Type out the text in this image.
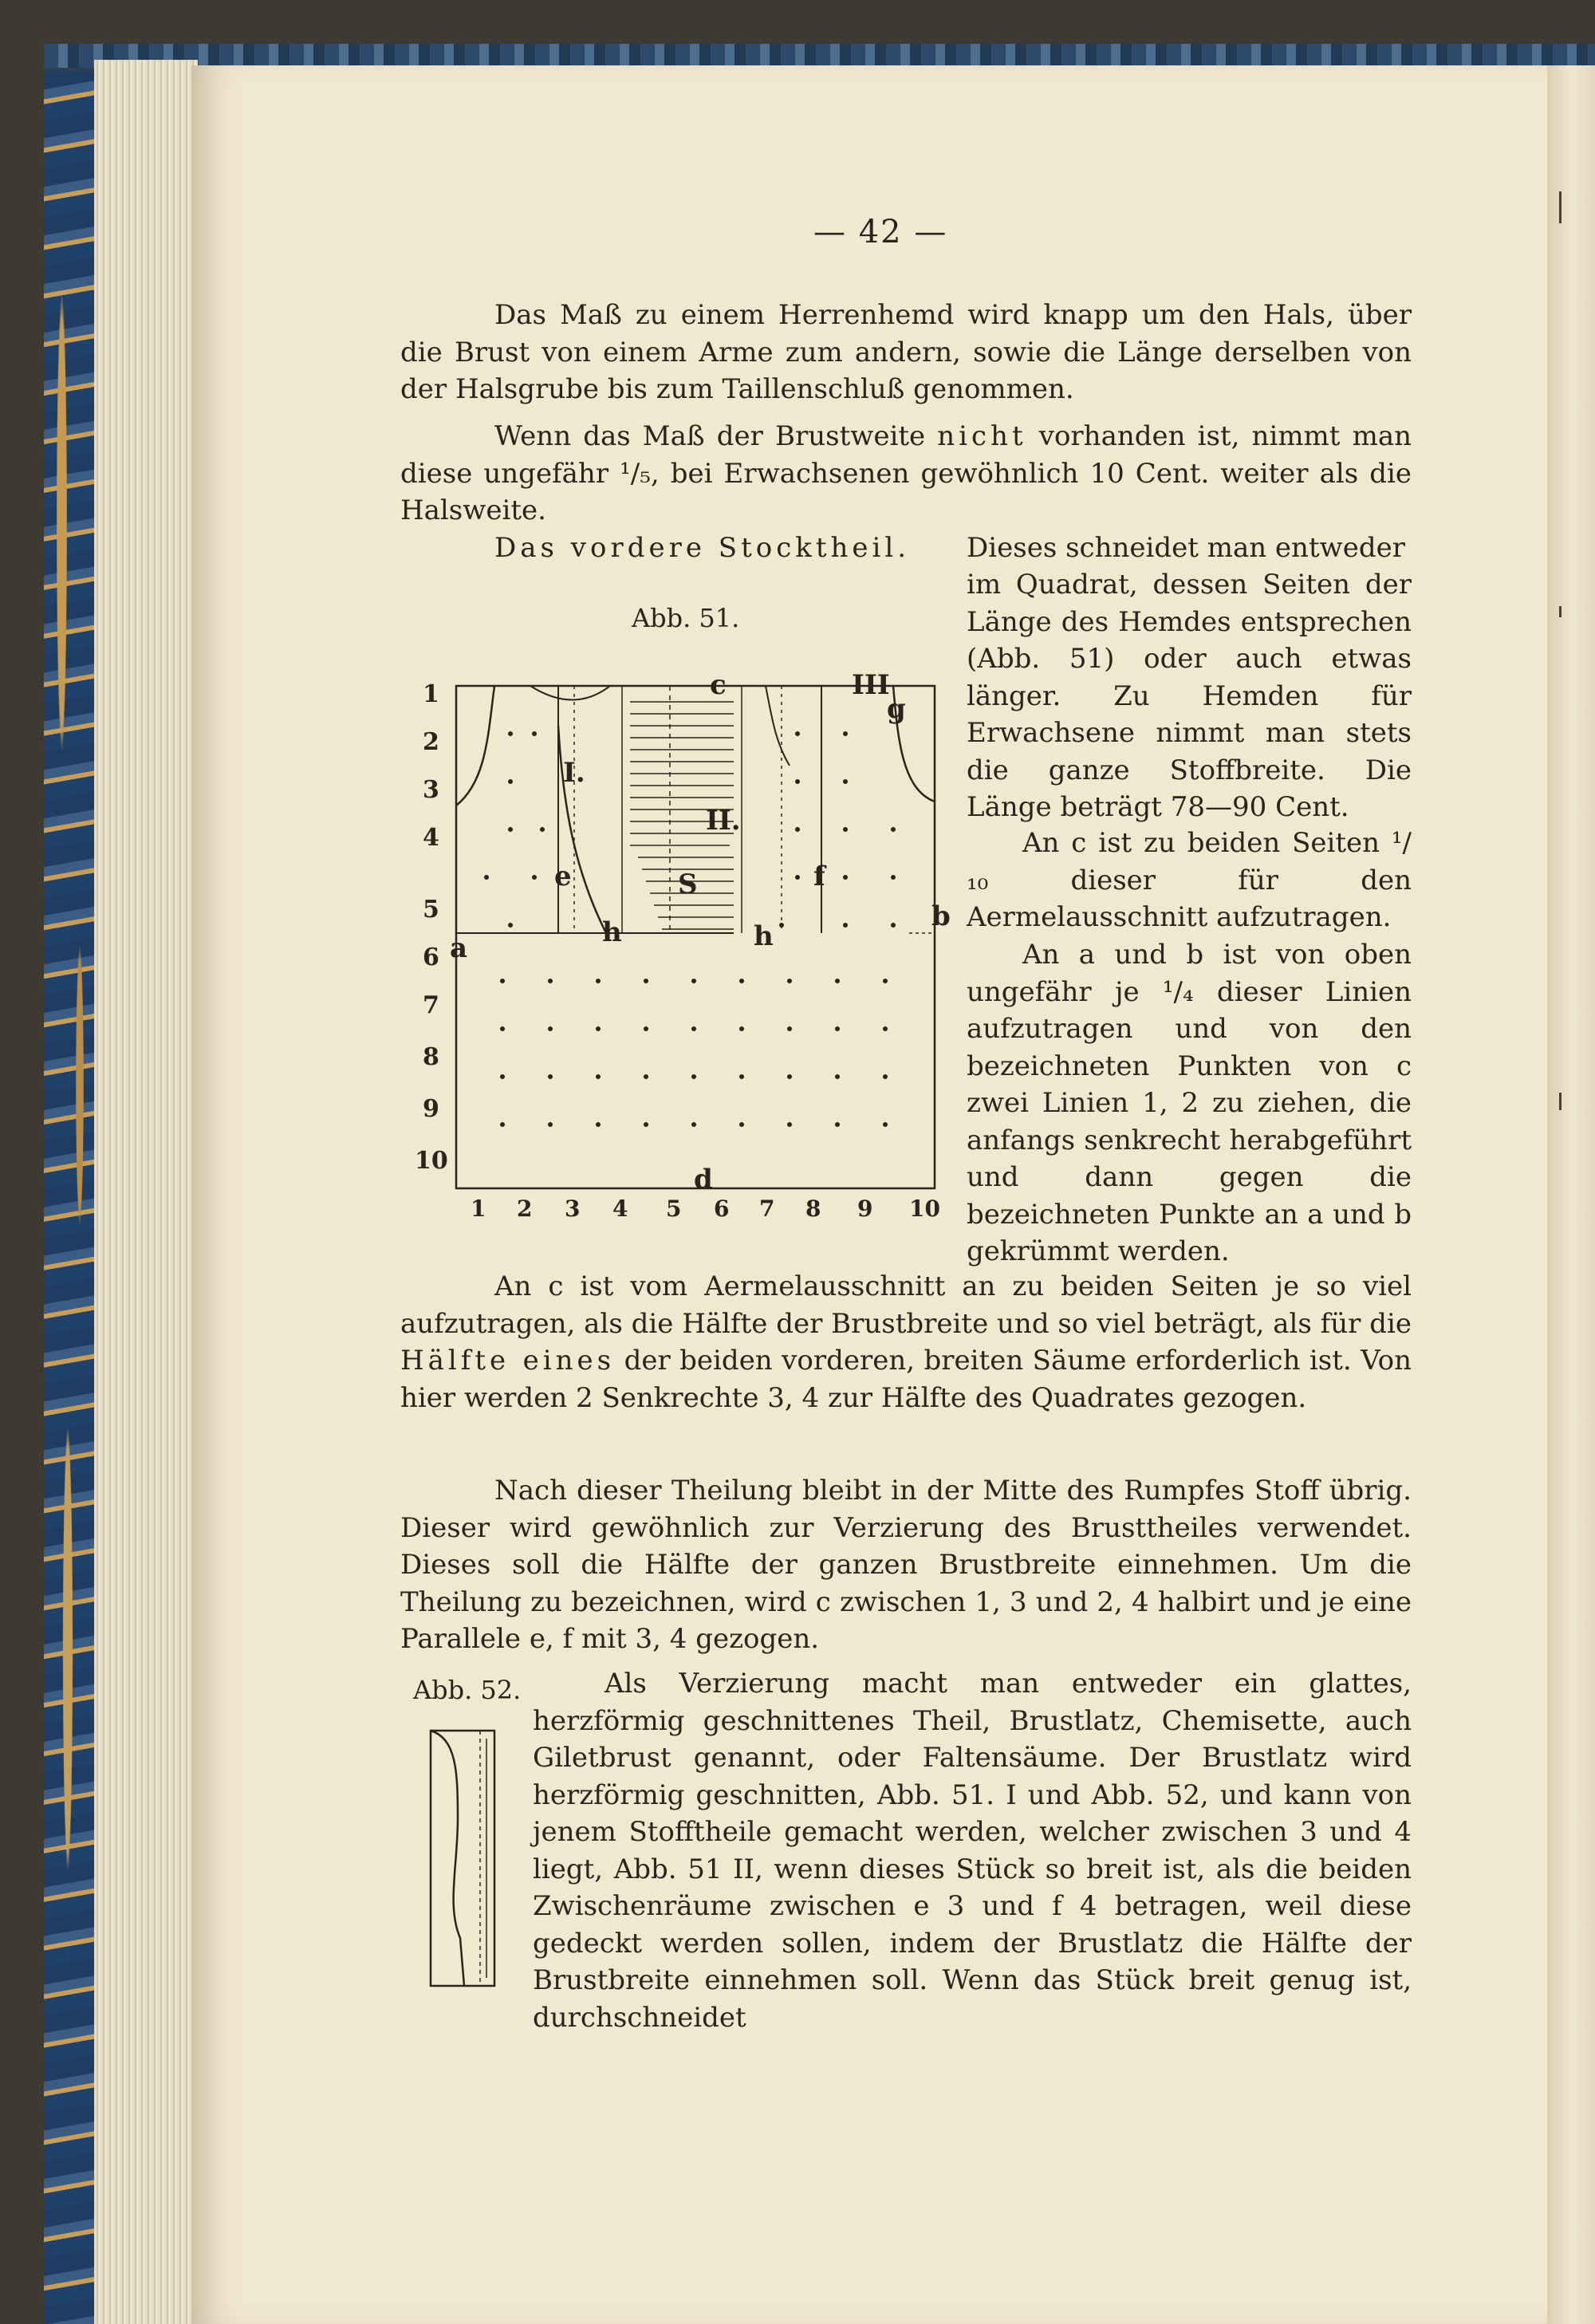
— 42 —

Das Maß zu einem Herrenhemd wird knapp um den Hals, über die Brust von einem Arme zum andern, sowie die Länge derselben von der Halsgrube bis zum Taillenschluß genommen.

Wenn das Maß der Brustweite nicht vorhanden ist, nimmt man diese ungefähr ¹/₅, bei Erwachsenen gewöhnlich 10 Cent. weiter als die Halsweite.

Das vordere Stocktheil. Dieses schneidet man entweder

im Quadrat, dessen Seiten der Länge des Hemdes entsprechen (Abb. 51) oder auch etwas länger. Zu Hemden für Erwachsene nimmt man stets die ganze Stoffbreite. Die Länge beträgt 78—90 Cent.

An c ist zu beiden Seiten ¹/₁₀ dieser für den Aermelausschnitt aufzutragen.

An a und b ist von oben ungefähr je ¹/₄ dieser Linien aufzutragen und von den bezeichneten Punkten von c zwei Linien 1, 2 zu ziehen, die anfangs senkrecht herabgeführt und dann gegen die bezeichneten Punkte an a und b gekrümmt werden.

Abb. 51.
1
2
3
4
5
6
7
8
9
10
1 2 3 4 5 6 7 8 9 10
I.
II.
III
c
d
a
b
e	f
g
h	h
S

An c ist vom Aermelausschnitt an zu beiden Seiten je so viel aufzutragen, als die Hälfte der Brustbreite und so viel beträgt, als für die Hälfte eines der beiden vorderen, breiten Säume erforderlich ist. Von hier werden 2 Senkrechte 3, 4 zur Hälfte des Quadrates gezogen.

Nach dieser Theilung bleibt in der Mitte des Rumpfes Stoff übrig. Dieser wird gewöhnlich zur Verzierung des Brusttheiles verwendet. Dieses soll die Hälfte der ganzen Brustbreite einnehmen. Um die Theilung zu bezeichnen, wird c zwischen 1, 3 und 2, 4 halbirt und je eine Parallele e, f mit 3, 4 gezogen.

Abb. 52.	Als Verzierung macht man entweder ein glattes, herzförmig geschnittenes Theil, Brustlatz, Chemisette, auch Giletbrust genannt, oder Faltensäume. Der Brustlatz wird herzförmig geschnitten, Abb. 51. I und Abb. 52, und kann von jenem Stofftheile gemacht werden, welcher zwischen 3 und 4 liegt, Abb. 51 II, wenn dieses Stück so breit ist, als die beiden Zwischenräume zwischen e 3 und f 4 betragen, weil diese gedeckt werden sollen, indem der Brustlatz die Hälfte der Brustbreite einnehmen soll. Wenn das Stück breit genug ist, durchschneidet
